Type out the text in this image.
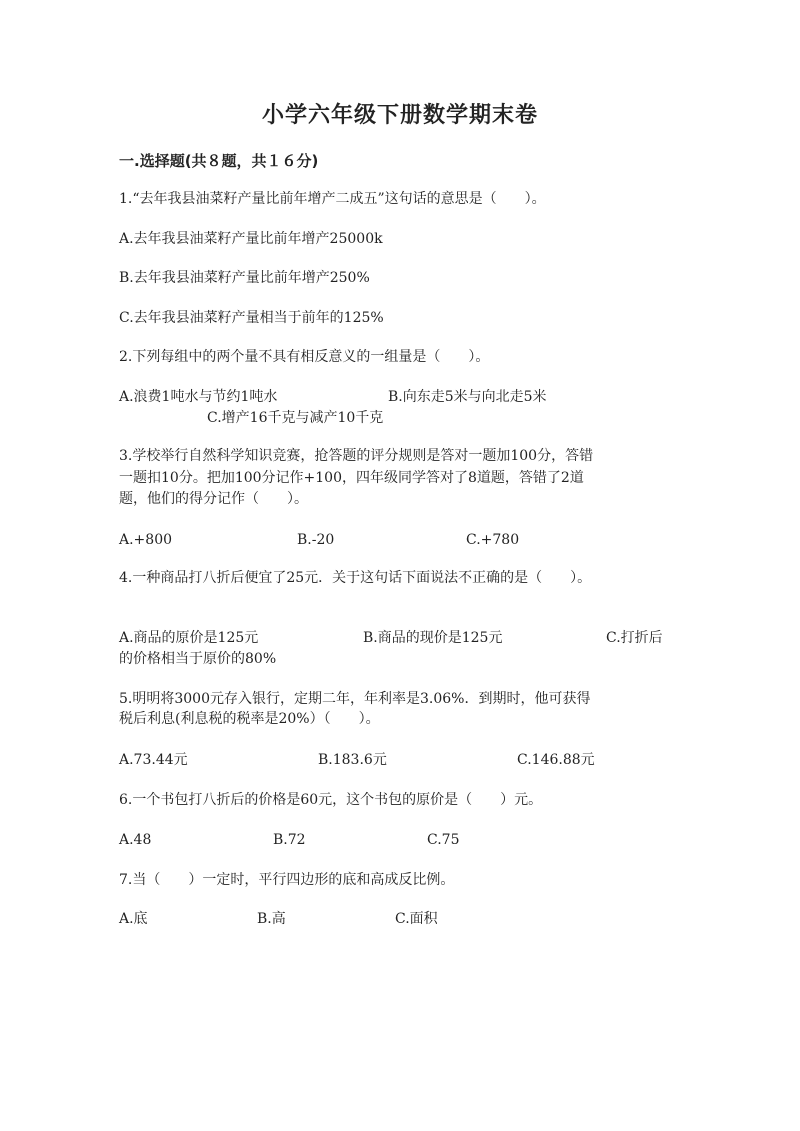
小学六年级下册数学期末卷
一.选择题(共８题，共１６分)
1.“去年我县油菜籽产量比前年增产二成五”这句话的意思是（　　）。
A.去年我县油菜籽产量比前年增产25000k
B.去年我县油菜籽产量比前年增产250%
C.去年我县油菜籽产量相当于前年的125%
2.下列每组中的两个量不具有相反意义的一组量是（　　）。
A.浪费1吨水与节约1吨水	B.向东走5米与向北走5米
C.增产16千克与减产10千克
3.学校举行自然科学知识竞赛，抢答题的评分规则是答对一题加100分，答错
一题扣10分。把加100分记作+100，四年级同学答对了8道题，答错了2道
题，他们的得分记作（　　）。
A.+800	B.-20	C.+780
4.一种商品打八折后便宜了25元．关于这句话下面说法不正确的是（　　）。
A.商品的原价是125元	B.商品的现价是125元	C.打折后
的价格相当于原价的80%
5.明明将3000元存入银行，定期二年，年利率是3.06%．到期时，他可获得
税后利息(利息税的税率是20%）（　　）。
A.73.44元	B.183.6元	C.146.88元
6.一个书包打八折后的价格是60元，这个书包的原价是（　　）元。
A.48	B.72	C.75
7.当（　　）一定时，平行四边形的底和高成反比例。
A.底	B.高	C.面积
